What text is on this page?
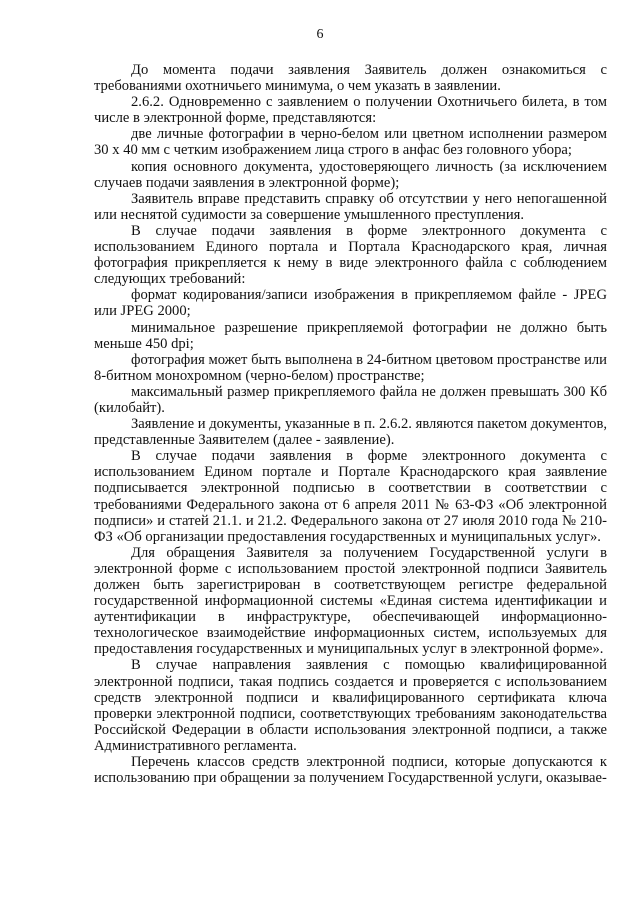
6

До момента подачи заявления Заявитель должен ознакомиться с требованиями охотничьего минимума, о чем указать в заявлении.

2.6.2. Одновременно с заявлением о получении Охотничьего билета, в том числе в электронной форме, представляются:

две личные фотографии в черно-белом или цветном исполнении размером 30 x 40 мм с четким изображением лица строго в анфас без головного убора;

копия основного документа, удостоверяющего личность (за исключением случаев подачи заявления в электронной форме);

Заявитель вправе представить справку об отсутствии у него непогашенной или неснятой судимости за совершение умышленного преступления.

В случае подачи заявления в форме электронного документа с использованием Единого портала и Портала Краснодарского края, личная фотография прикрепляется к нему в виде электронного файла с соблюдением следующих требований:

формат кодирования/записи изображения в прикрепляемом файле - JPEG или JPEG 2000;

минимальное разрешение прикрепляемой фотографии не должно быть меньше 450 dpi;

фотография может быть выполнена в 24-битном цветовом пространстве или 8-битном монохромном (черно-белом) пространстве;

максимальный размер прикрепляемого файла не должен превышать 300 Кб (килобайт).

Заявление и документы, указанные в п. 2.6.2. являются пакетом документов, представленные Заявителем (далее - заявление).

В случае подачи заявления в форме электронного документа с использованием Едином портале и Портале Краснодарского края заявление подписывается электронной подписью в соответствии в соответствии с требованиями Федерального закона от 6 апреля 2011 № 63-ФЗ «Об электронной подписи» и статей 21.1. и 21.2. Федерального закона от 27 июля 2010 года № 210-ФЗ «Об организации предоставления государственных и муниципальных услуг».

Для обращения Заявителя за получением Государственной услуги в электронной форме с использованием простой электронной подписи Заявитель должен быть зарегистрирован в соответствующем регистре федеральной государственной информационной системы «Единая система идентификации и аутентификации в инфраструктуре, обеспечивающей информационно-технологическое взаимодействие информационных систем, используемых для предоставления государственных и муниципальных услуг в электронной форме».

В случае направления заявления с помощью квалифицированной электронной подписи, такая подпись создается и проверяется с использованием средств электронной подписи и квалифицированного сертификата ключа проверки электронной подписи, соответствующих требованиям законодательства Российской Федерации в области использования электронной подписи, а также Административного регламента.

Перечень классов средств электронной подписи, которые допускаются к использованию при обращении за получением Государственной услуги, оказывае-
